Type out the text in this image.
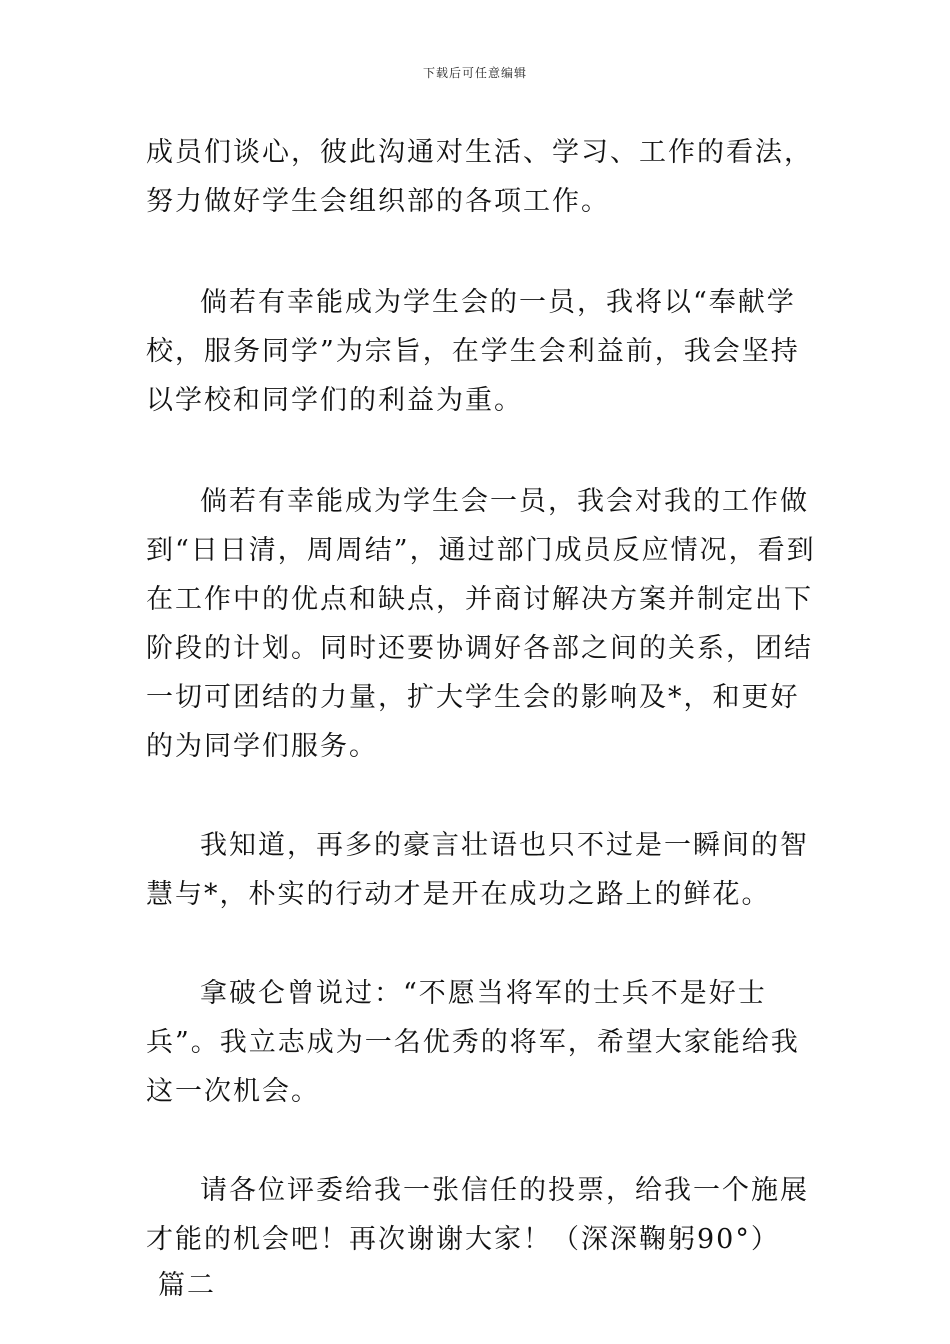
下载后可任意编辑

成员们谈心，彼此沟通对生活、学习、工作的看法，努力做好学生会组织部的各项工作。

倘若有幸能成为学生会的一员，我将以“奉献学校，服务同学”为宗旨，在学生会利益前，我会坚持以学校和同学们的利益为重。

倘若有幸能成为学生会一员，我会对我的工作做到“日日清，周周结”，通过部门成员反应情况，看到在工作中的优点和缺点，并商讨解决方案并制定出下阶段的计划。同时还要协调好各部之间的关系，团结一切可团结的力量，扩大学生会的影响及*，和更好的为同学们服务。

我知道，再多的豪言壮语也只不过是一瞬间的智慧与*，朴实的行动才是开在成功之路上的鲜花。

拿破仑曾说过：“不愿当将军的士兵不是好士兵”。我立志成为一名优秀的将军，希望大家能给我这一次机会。

请各位评委给我一张信任的投票，给我一个施展才能的机会吧！再次谢谢大家！（深深鞠躬90°）

篇二
